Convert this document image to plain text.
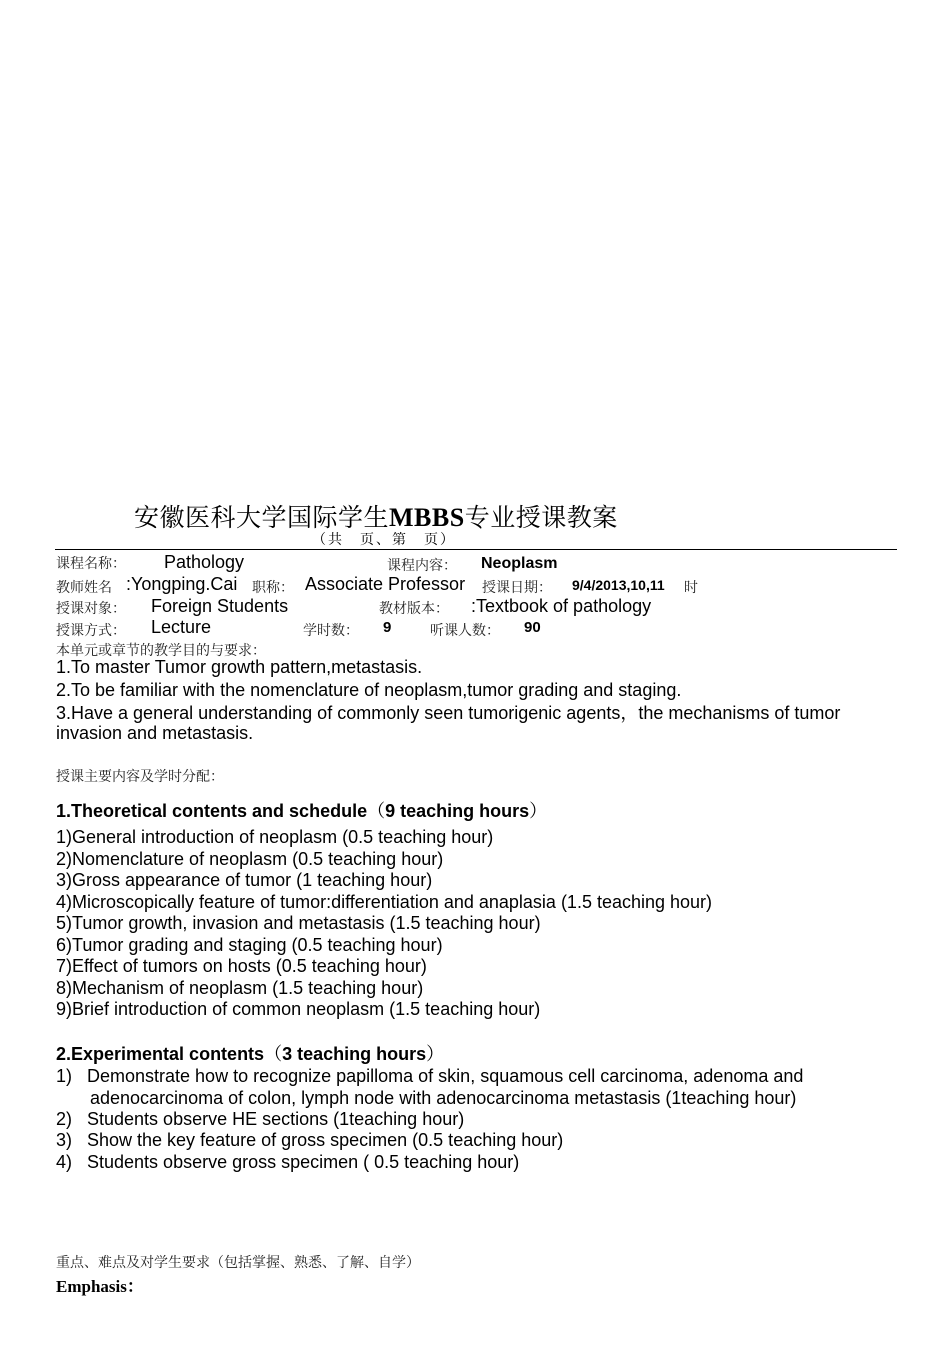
安徽医科大学国际学生MBBS专业授课教案
（共　页、第　页）
课程名称： Pathology	课程内容： Neoplasm
教师姓名 :Yongping.Cai 职称： Associate Professor 授课日期： 9/4/2013,10,11 时
授课对象： Foreign Students	教材版本： :Textbook of pathology
授课方式： Lecture	学时数： 9	听课人数： 90
本单元或章节的教学目的与要求：
1.To master Tumor growth pattern,metastasis.
2.To be familiar with the nomenclature of neoplasm,tumor grading and staging.
3.Have a general understanding of commonly seen tumorigenic agents，the mechanisms of tumor
invasion and metastasis.
授课主要内容及学时分配：
1.Theoretical contents and schedule（9 teaching hours）
1)General introduction of neoplasm (0.5 teaching hour)
2)Nomenclature of neoplasm (0.5 teaching hour)
3)Gross appearance of tumor (1 teaching hour)
4)Microscopically feature of tumor:differentiation and anaplasia (1.5 teaching hour)
5)Tumor growth, invasion and metastasis (1.5 teaching hour)
6)Tumor grading and staging (0.5 teaching hour)
7)Effect of tumors on hosts (0.5 teaching hour)
8)Mechanism of neoplasm (1.5 teaching hour)
9)Brief introduction of common neoplasm (1.5 teaching hour)
2.Experimental contents（3 teaching hours）
1) Demonstrate how to recognize papilloma of skin, squamous cell carcinoma, adenoma and
adenocarcinoma of colon, lymph node with adenocarcinoma metastasis (1teaching hour)
2) Students observe HE sections (1teaching hour)
3) Show the key feature of gross specimen (0.5 teaching hour)
4) Students observe gross specimen ( 0.5 teaching hour)
重点、难点及对学生要求（包括掌握、熟悉、了解、自学）
Emphasis：
